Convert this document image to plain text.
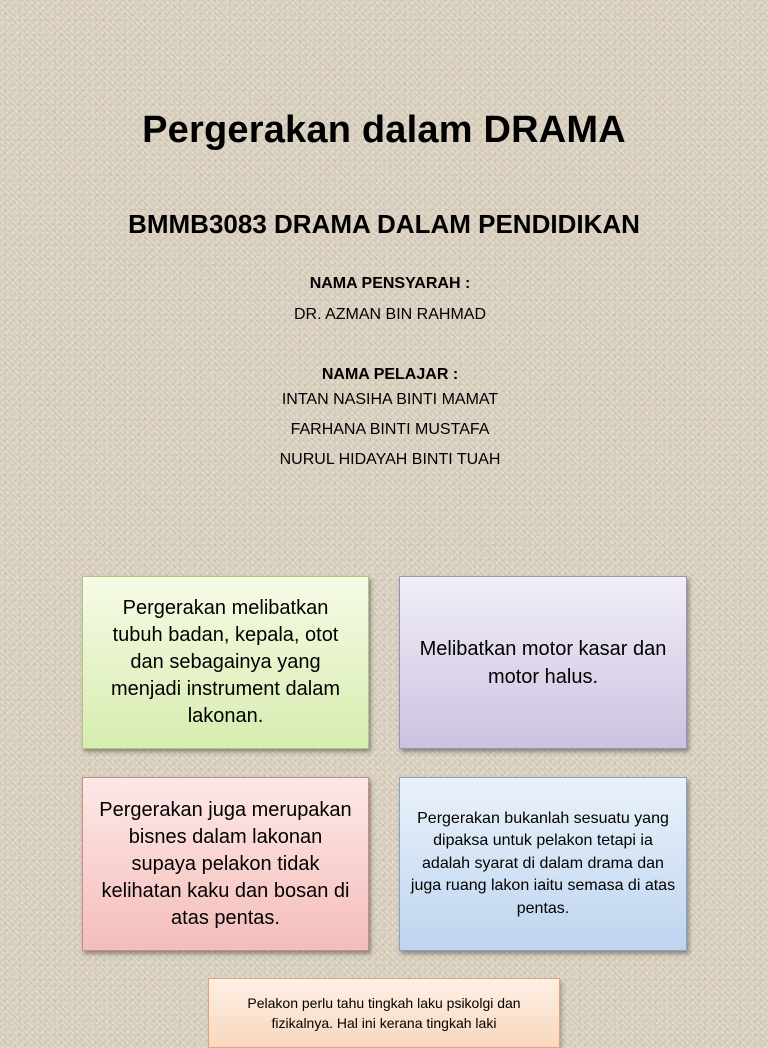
Pergerakan dalam DRAMA
BMMB3083 DRAMA DALAM PENDIDIKAN
NAMA PENSYARAH :
DR. AZMAN BIN RAHMAD
NAMA PELAJAR :
INTAN NASIHA BINTI MAMAT
FARHANA BINTI MUSTAFA
NURUL HIDAYAH BINTI TUAH
Pergerakan melibatkan tubuh badan, kepala, otot dan sebagainya yang menjadi instrument dalam lakonan.
Melibatkan motor kasar dan motor halus.
Pergerakan juga merupakan bisnes dalam lakonan supaya pelakon tidak kelihatan kaku dan bosan di atas pentas.
Pergerakan bukanlah sesuatu yang dipaksa untuk pelakon tetapi ia adalah syarat di dalam drama dan juga ruang lakon iaitu semasa di atas pentas.
Pelakon perlu tahu tingkah laku psikolgi dan fizikalnya. Hal ini kerana tingkah laki
